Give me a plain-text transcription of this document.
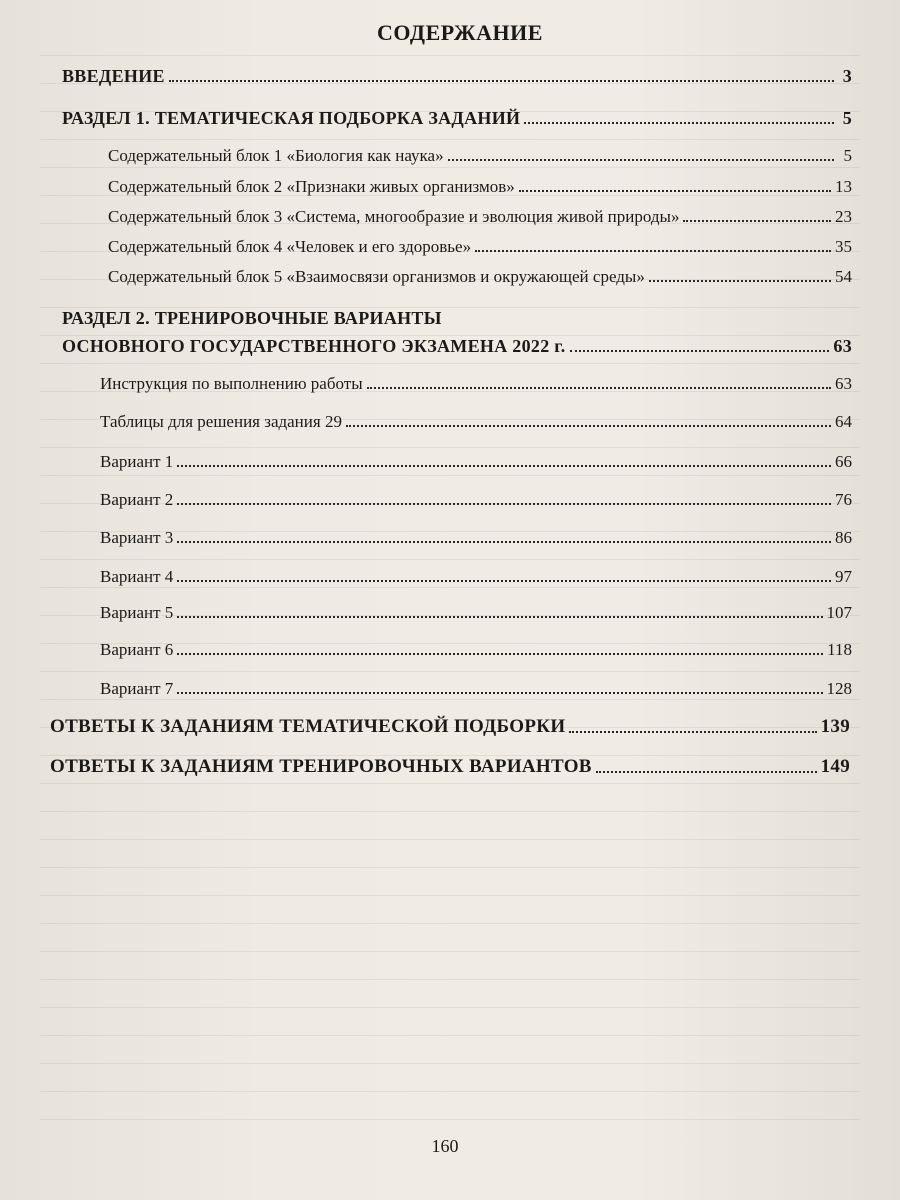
СОДЕРЖАНИЕ
ВВЕДЕНИЕ	3
РАЗДЕЛ 1. ТЕМАТИЧЕСКАЯ ПОДБОРКА ЗАДАНИЙ	5
Содержательный блок 1 «Биология как наука»	5
Содержательный блок 2 «Признаки живых организмов»	13
Содержательный блок 3 «Система, многообразие и эволюция живой природы»	23
Содержательный блок 4 «Человек и его здоровье»	35
Содержательный блок 5 «Взаимосвязи организмов и окружающей среды»	54
РАЗДЕЛ 2. ТРЕНИРОВОЧНЫЕ ВАРИАНТЫ
ОСНОВНОГО ГОСУДАРСТВЕННОГО ЭКЗАМЕНА 2022 г.	63
Инструкция по выполнению работы	63
Таблицы для решения задания 29	64
Вариант 1	66
Вариант 2	76
Вариант 3	86
Вариант 4	97
Вариант 5	107
Вариант 6	118
Вариант 7	128
ОТВЕТЫ К ЗАДАНИЯМ ТЕМАТИЧЕСКОЙ ПОДБОРКИ	139
ОТВЕТЫ К ЗАДАНИЯМ ТРЕНИРОВОЧНЫХ ВАРИАНТОВ	149
160
